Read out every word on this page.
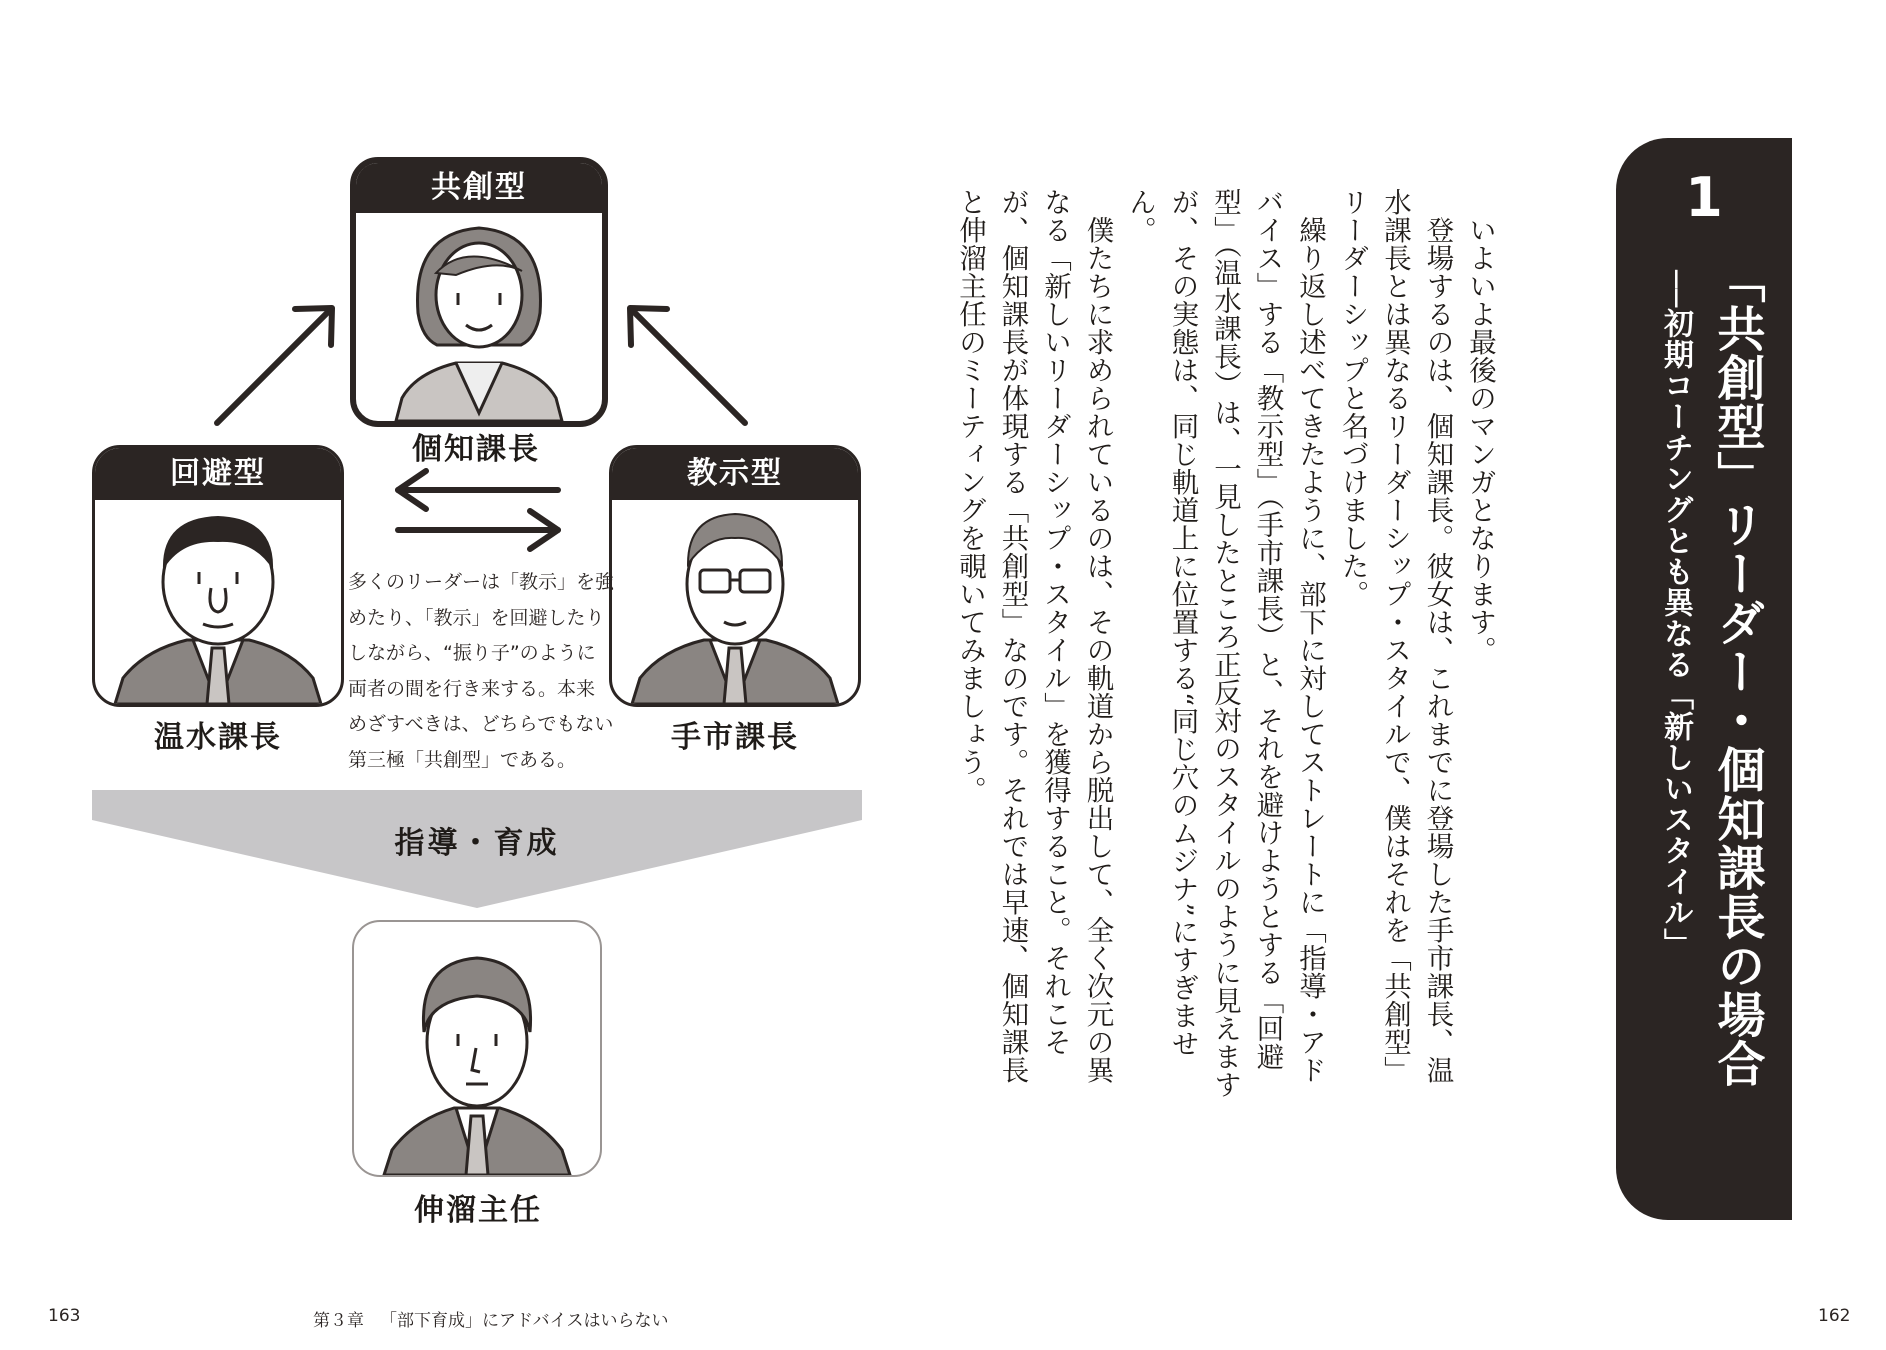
共創型
個知課長
回避型
温水課長
教示型
手市課長
多くのリーダーは「教示」を強
めたり、「教示」を回避したり
しながら、“振り子”のように
両者の間を行き来する。本来
めざすべきは、どちらでもない
第三極「共創型」である。
指導・育成
伸溜主任

いよいよ最後のマンガとなります。

登場するのは、個知課長。彼女は、これまでに登場した手市課長、温水課長とは異なるリーダーシップ・スタイルで、僕はそれを「共創型」リーダーシップと名づけました。

繰り返し述べてきたように、部下に対してストレートに「指導・アドバイス」する「教示型」（手市課長）と、それを避けようとする「回避型」（温水課長）は、一見したところ正反対のスタイルのように見えますが、その実態は、同じ軌道上に位置する“同じ穴のムジナ”にすぎません。

僕たちに求められているのは、その軌道から脱出して、全く次元の異なる「新しいリーダーシップ・スタイル」を獲得すること。それこそが、個知課長が体現する「共創型」なのです。それでは早速、個知課長と伸溜主任のミーティングを覗いてみましょう。	1
「共創型」リーダー・個知課長の場合
──初期コーチングとも異なる「新しいスタイル」
163	第３章 「部下育成」にアドバイスはいらない	162
